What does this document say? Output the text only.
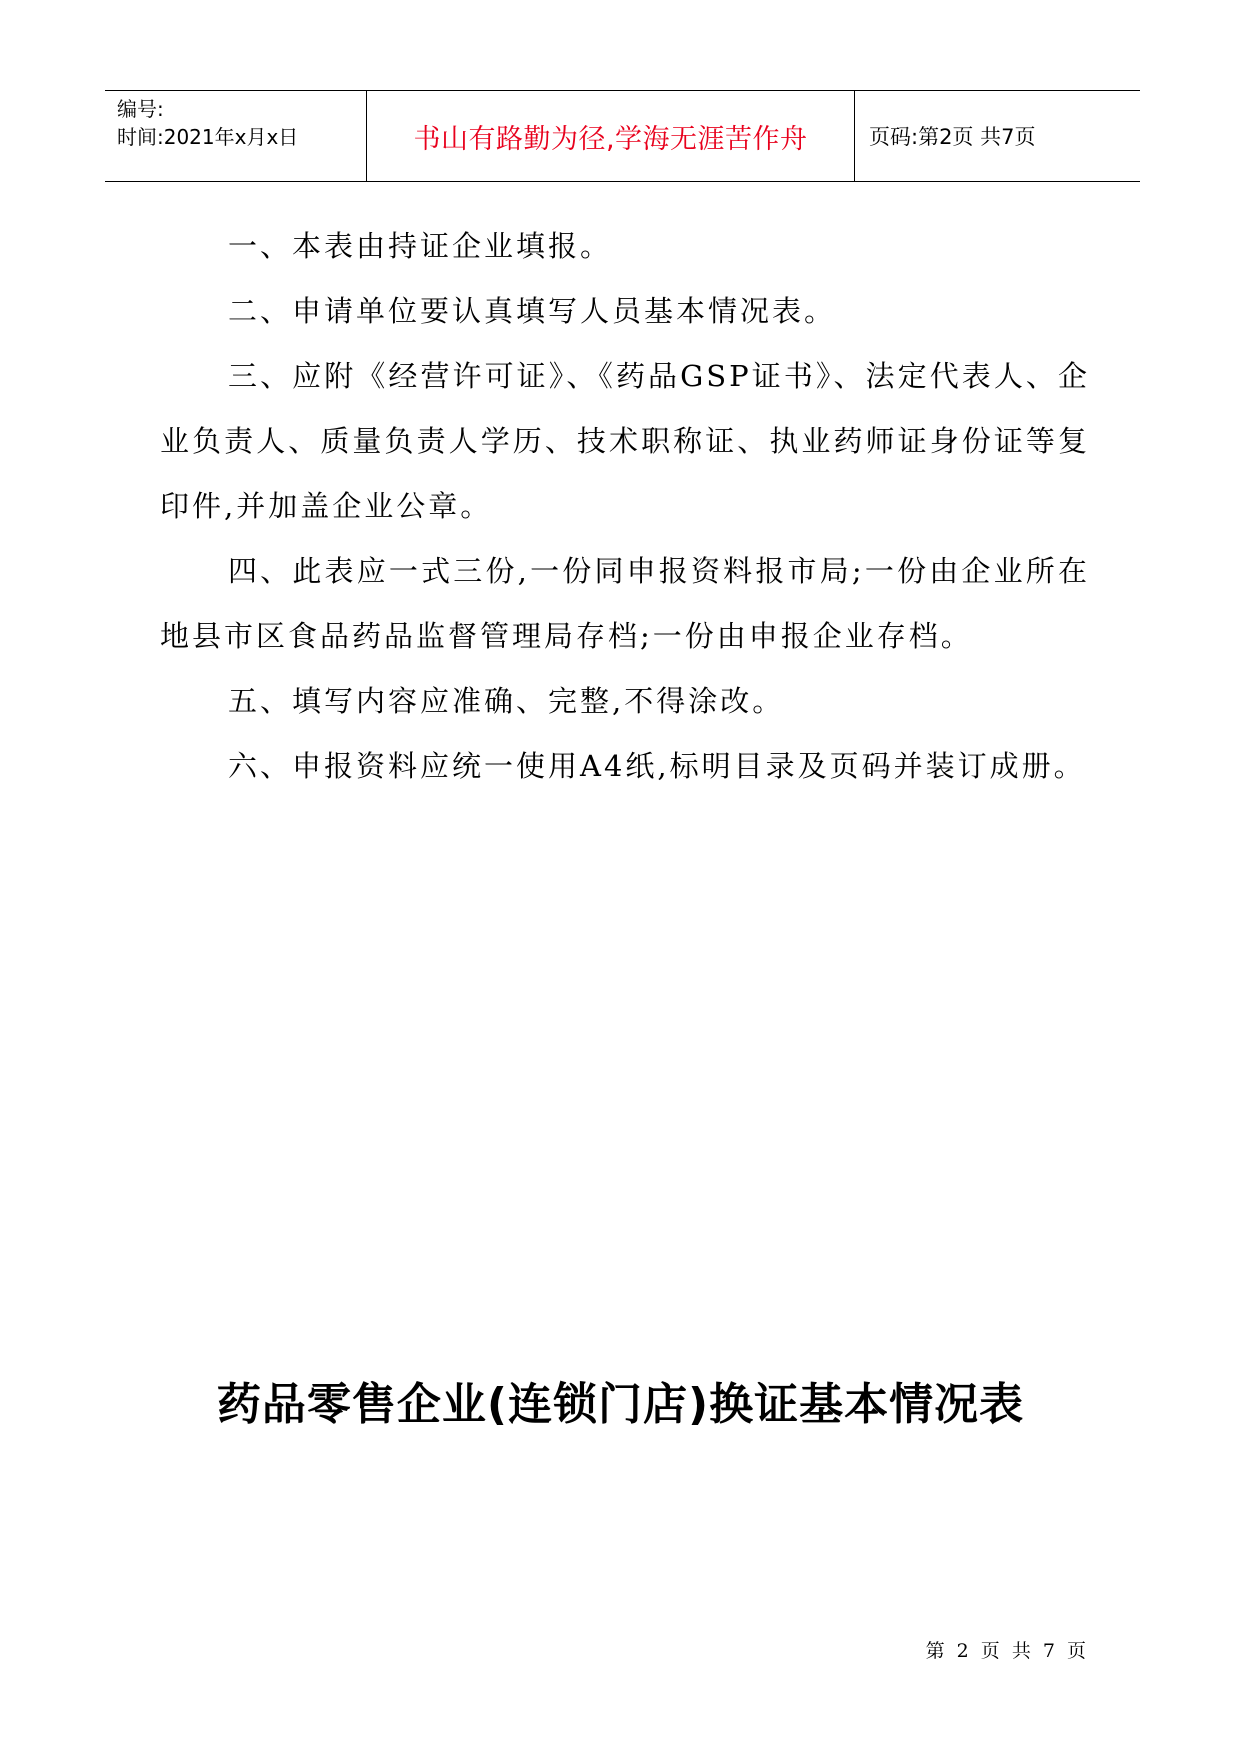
编号:
时间:2021年x月x日	书山有路勤为径,学海无涯苦作舟	页码:第2页 共7页

一、本表由持证企业填报。

二、申请单位要认真填写人员基本情况表。

三、应附《经营许可证》、《药品GSP证书》、法定代表人、企业负责人、质量负责人学历、技术职称证、执业药师证身份证等复印件,并加盖企业公章。

四、此表应一式三份,一份同申报资料报市局;一份由企业所在地县市区食品药品监督管理局存档;一份由申报企业存档。

五、填写内容应准确、完整,不得涂改。

六、申报资料应统一使用A4纸,标明目录及页码并装订成册。

药品零售企业(连锁门店)换证基本情况表
第 2 页 共 7 页
